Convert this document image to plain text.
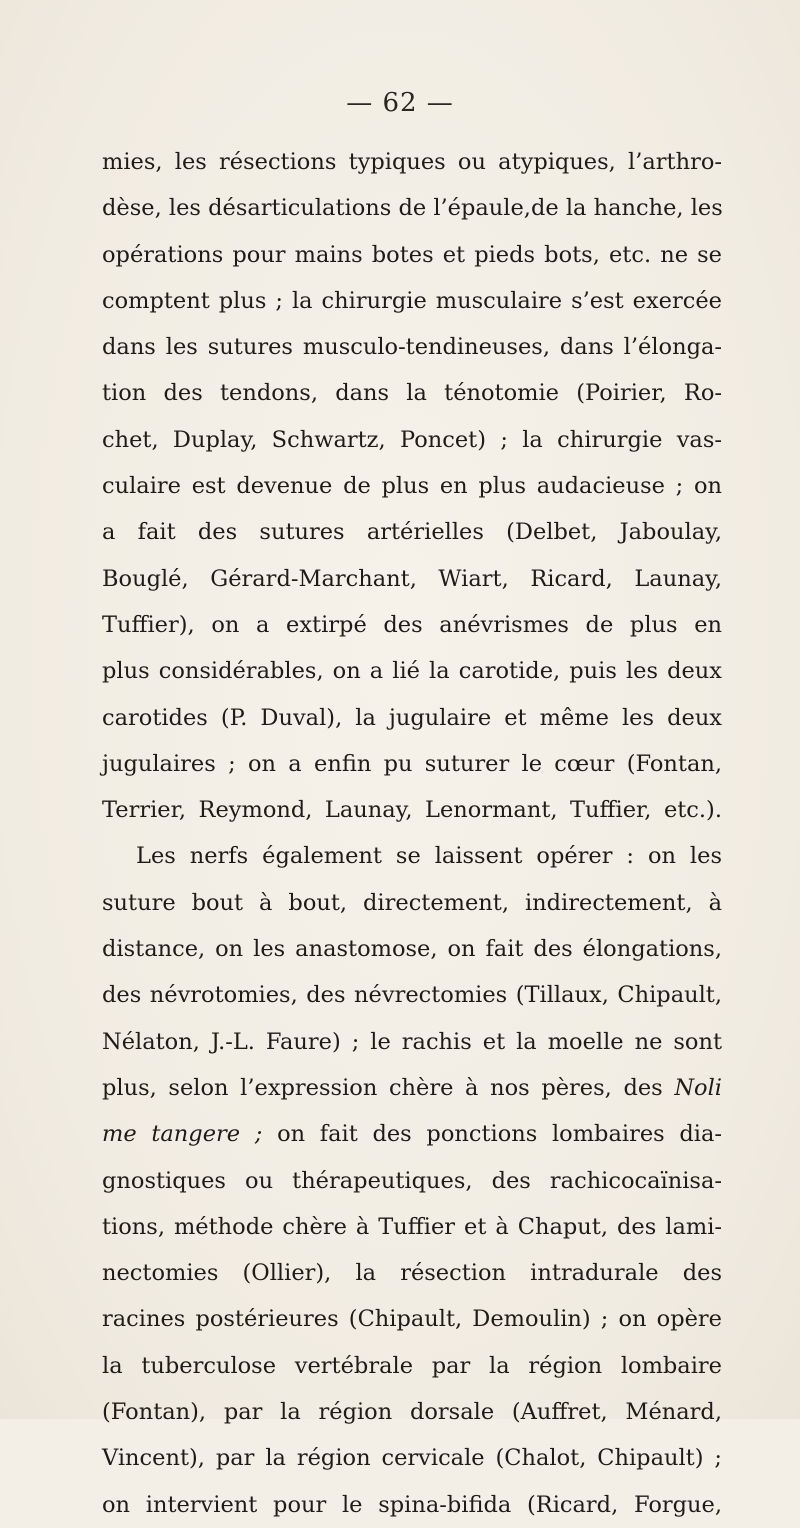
— 62 —
mies, les résections typiques ou atypiques, l’arthro-
dèse, les désarticulations de l’épaule,de la hanche, les
opérations pour mains botes et pieds bots, etc. ne se
comptent plus ; la chirurgie musculaire s’est exercée
dans les sutures musculo-tendineuses, dans l’élonga-
tion des tendons, dans la ténotomie (Poirier, Ro-
chet, Duplay, Schwartz, Poncet) ; la chirurgie vas-
culaire est devenue de plus en plus audacieuse ; on
a fait des sutures artérielles (Delbet, Jaboulay,
Bouglé, Gérard-Marchant, Wiart, Ricard, Launay,
Tuffier), on a extirpé des anévrismes de plus en
plus considérables, on a lié la carotide, puis les deux
carotides (P. Duval), la jugulaire et même les deux
jugulaires ; on a enfin pu suturer le cœur (Fontan,
Terrier, Reymond, Launay, Lenormant, Tuffier, etc.).
Les nerfs également se laissent opérer : on les
suture bout à bout, directement, indirectement, à
distance, on les anastomose, on fait des élongations,
des névrotomies, des névrectomies (Tillaux, Chipault,
Nélaton, J.-L. Faure) ; le rachis et la moelle ne sont
plus, selon l’expression chère à nos pères, des Noli
me tangere ; on fait des ponctions lombaires dia-
gnostiques ou thérapeutiques, des rachicocaïnisa-
tions, méthode chère à Tuffier et à Chaput, des lami-
nectomies (Ollier), la résection intradurale des
racines postérieures (Chipault, Demoulin) ; on opère
la tuberculose vertébrale par la région lombaire
(Fontan), par la région dorsale (Auffret, Ménard,
Vincent), par la région cervicale (Chalot, Chipault) ;
on intervient pour le spina-bifida (Ricard, Forgue,
